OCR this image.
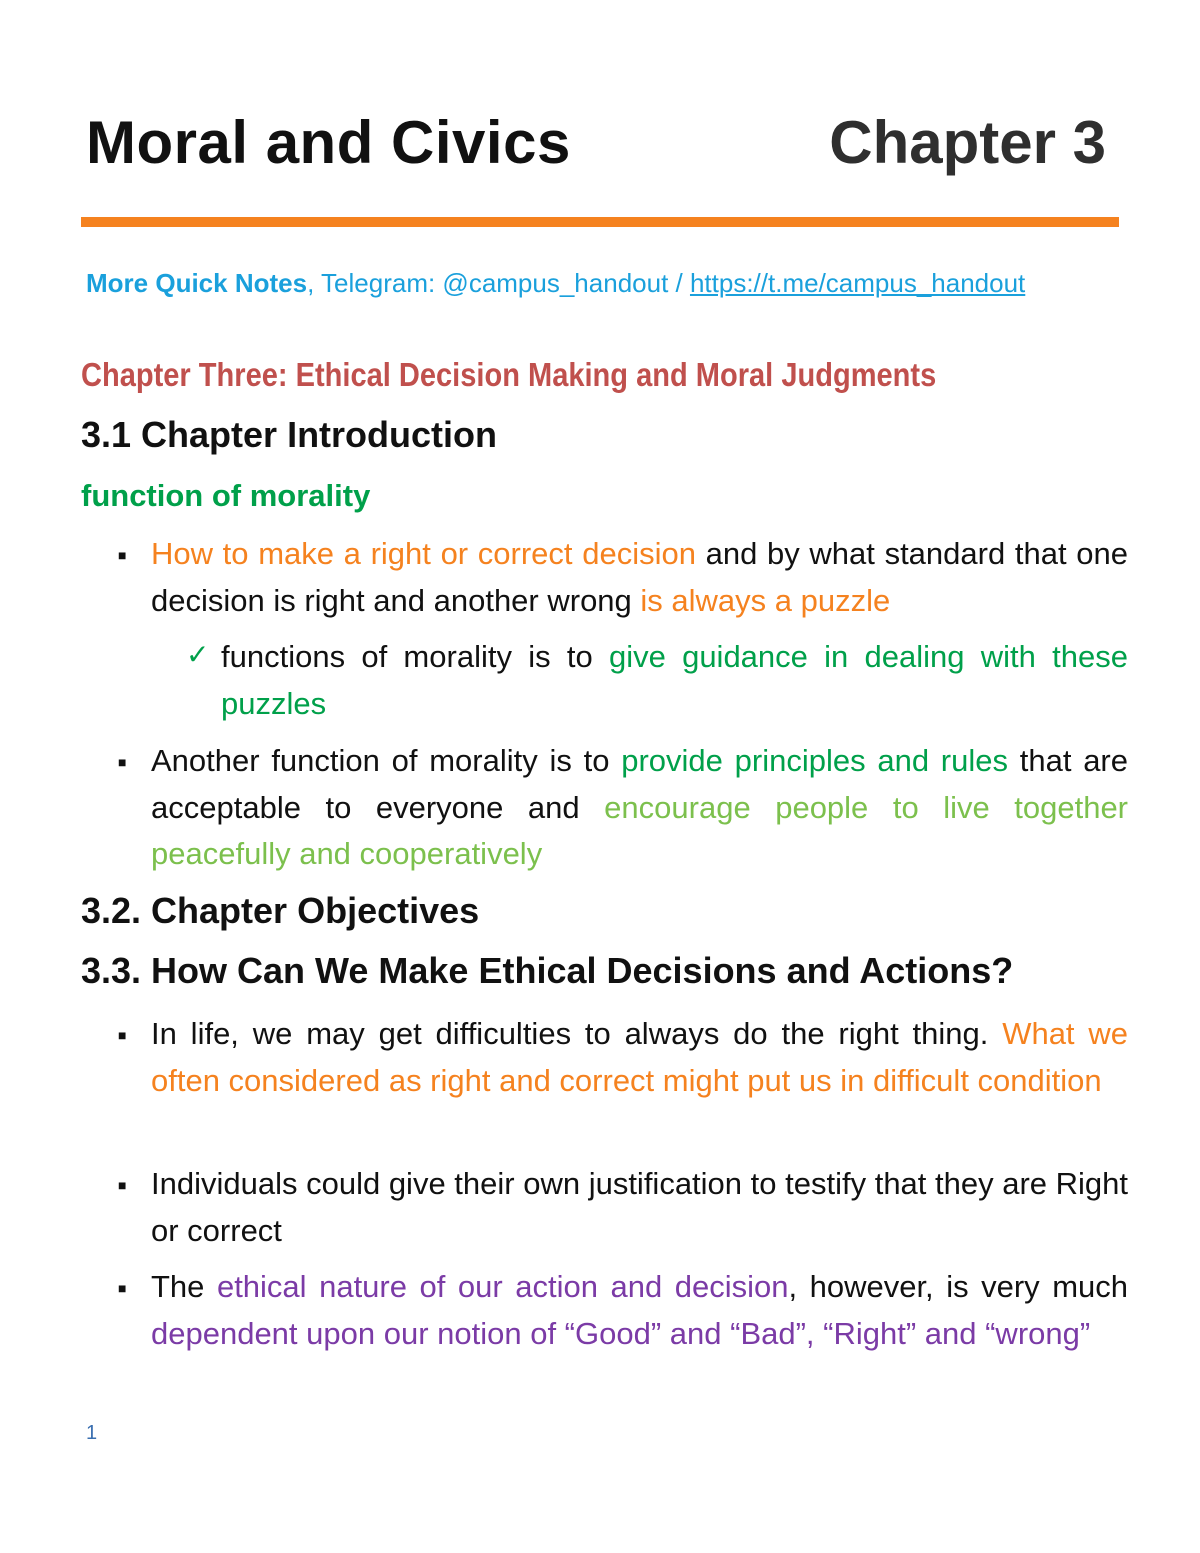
Moral and Civics	Chapter 3
More Quick Notes, Telegram: @campus_handout / https://t.me/campus_handout
Chapter Three: Ethical Decision Making and Moral Judgments
3.1 Chapter Introduction
function of morality
■ How to make a right or correct decision and by what standard that one decision is right and another wrong is always a puzzle
✓ functions of morality is to give guidance in dealing with these puzzles
■ Another function of morality is to provide principles and rules that are acceptable to everyone and encourage people to live together peacefully and cooperatively
3.2. Chapter Objectives
3.3. How Can We Make Ethical Decisions and Actions?
■ In life, we may get difficulties to always do the right thing. What we often considered as right and correct might put us in difficult condition
■ Individuals could give their own justification to testify that they are Right or correct
■ The ethical nature of our action and decision, however, is very much dependent upon our notion of “Good” and “Bad”, “Right” and “wrong”
1
